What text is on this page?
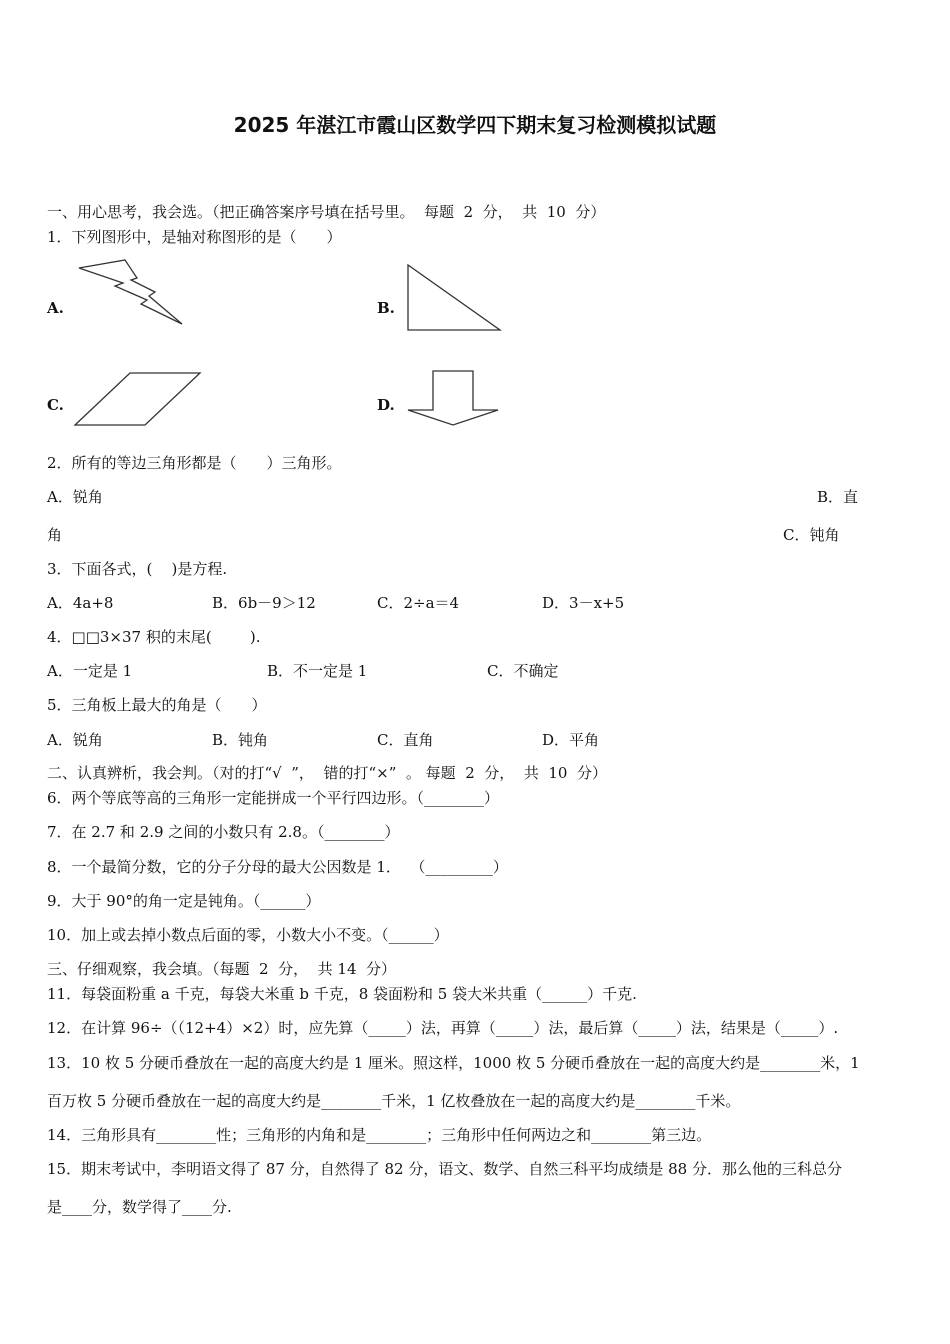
2025 年湛江市霞山区数学四下期末复习检测模拟试题
一、用心思考，我会选。（把正确答案序号填在括号里。  每题  2  分，  共  10  分）
1．下列图形中，是轴对称图形的是（　　）
A.	B.
C.	D.
2．所有的等边三角形都是（　　）三角形。
A．锐角	B．直
角	C．钝角
3．下面各式，(    )是方程.
A．4a+8	B．6b－9＞12	C．2÷a＝4	D．3－x+5
4．□□3×37 积的末尾(        ).
A．一定是 1	B．不一定是 1	C．不确定
5．三角板上最大的角是（　　）
A．锐角	B．钝角	C．直角	D．平角
二、认真辨析，我会判。（对的打“√  ”，  错的打“×”  。 每题  2  分，  共  10  分）
6．两个等底等高的三角形一定能拼成一个平行四边形。（________）
7．在 2.7 和 2.9 之间的小数只有 2.8。（________）
8．一个最简分数，它的分子分母的最大公因数是 1．  （_________）
9．大于 90°的角一定是钝角。（______）
10．加上或去掉小数点后面的零，小数大小不变。（______）
三、仔细观察，我会填。（每题  2  分，  共 14  分）
11．每袋面粉重 a 千克，每袋大米重 b 千克，8 袋面粉和 5 袋大米共重（______）千克.
12．在计算 96÷（（12+4）×2）时，应先算（_____）法，再算（_____）法，最后算（_____）法，结果是（_____）.
13．10 枚 5 分硬币叠放在一起的高度大约是 1 厘米。照这样，1000 枚 5 分硬币叠放在一起的高度大约是________米，1
百万枚 5 分硬币叠放在一起的高度大约是________千米，1 亿枚叠放在一起的高度大约是________千米。
14．三角形具有________性；三角形的内角和是________；三角形中任何两边之和________第三边。
15．期末考试中，李明语文得了 87 分，自然得了 82 分，语文、数学、自然三科平均成绩是 88 分．那么他的三科总分
是____分，数学得了____分.
